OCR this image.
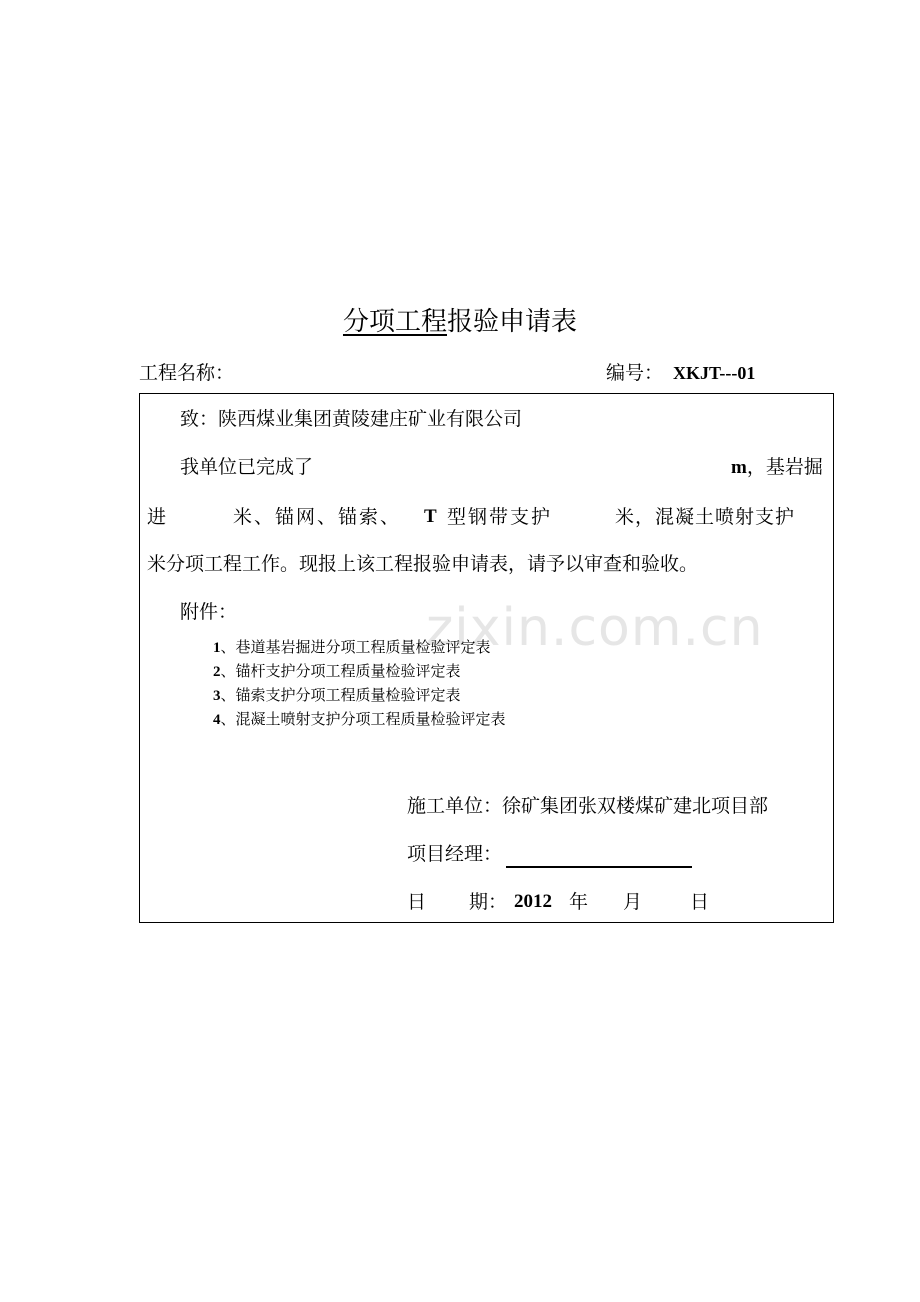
分项工程报验申请表
工程名称：	编号： XKJT---01
zixin.com.cn
致：陕西煤业集团黄陵建庄矿业有限公司
我单位已完成了	m，基岩掘
进	米、锚网、锚索、 T 型钢带支护	米，混凝土喷射支护
米分项工程工作。现报上该工程报验申请表，请予以审查和验收。
附件：
1、巷道基岩掘进分项工程质量检验评定表
2、锚杆支护分项工程质量检验评定表
3、锚索支护分项工程质量检验评定表
4、混凝土喷射支护分项工程质量检验评定表
施工单位：徐矿集团张双楼煤矿建北项目部
项目经理：
日 期： 2012 年 月	日
